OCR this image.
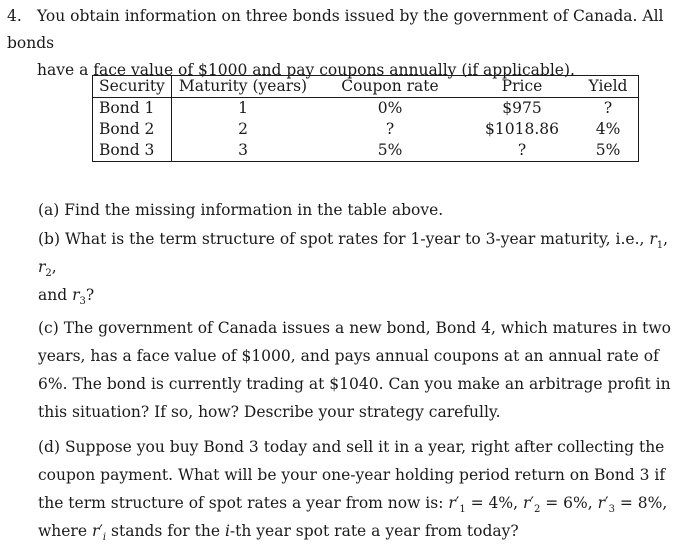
4. You obtain information on three bonds issued by the government of Canada. All bonds
have a face value of $1000 and pay coupons annually (if applicable).
Security	Maturity (years)	Coupon rate	Price	Yield
Bond 1	1	0%	$975	?
Bond 2	2	?	$1018.86	4%
Bond 3	3	5%	?	5%

(a) Find the missing information in the table above.

(b) What is the term structure of spot rates for 1-year to 3-year maturity, i.e., $r_1$, $r_2$,
and $r_3$?

(c) The government of Canada issues a new bond, Bond 4, which matures in two years, has a face value of $1000, and pays annual coupons at an annual rate of 6%. The bond is currently trading at $1040. Can you make an arbitrage profit in this situation? If so, how? Describe your strategy carefully.

(d) Suppose you buy Bond 3 today and sell it in a year, right after collecting the coupon payment. What will be your one-year holding period return on Bond 3 if the term structure of spot rates a year from now is: $r'_1 = 4\%$, $r'_2 = 6\%$, $r'_3 = 8\%$, where $r'_i$ stands for the i-th year spot rate a year from today?
